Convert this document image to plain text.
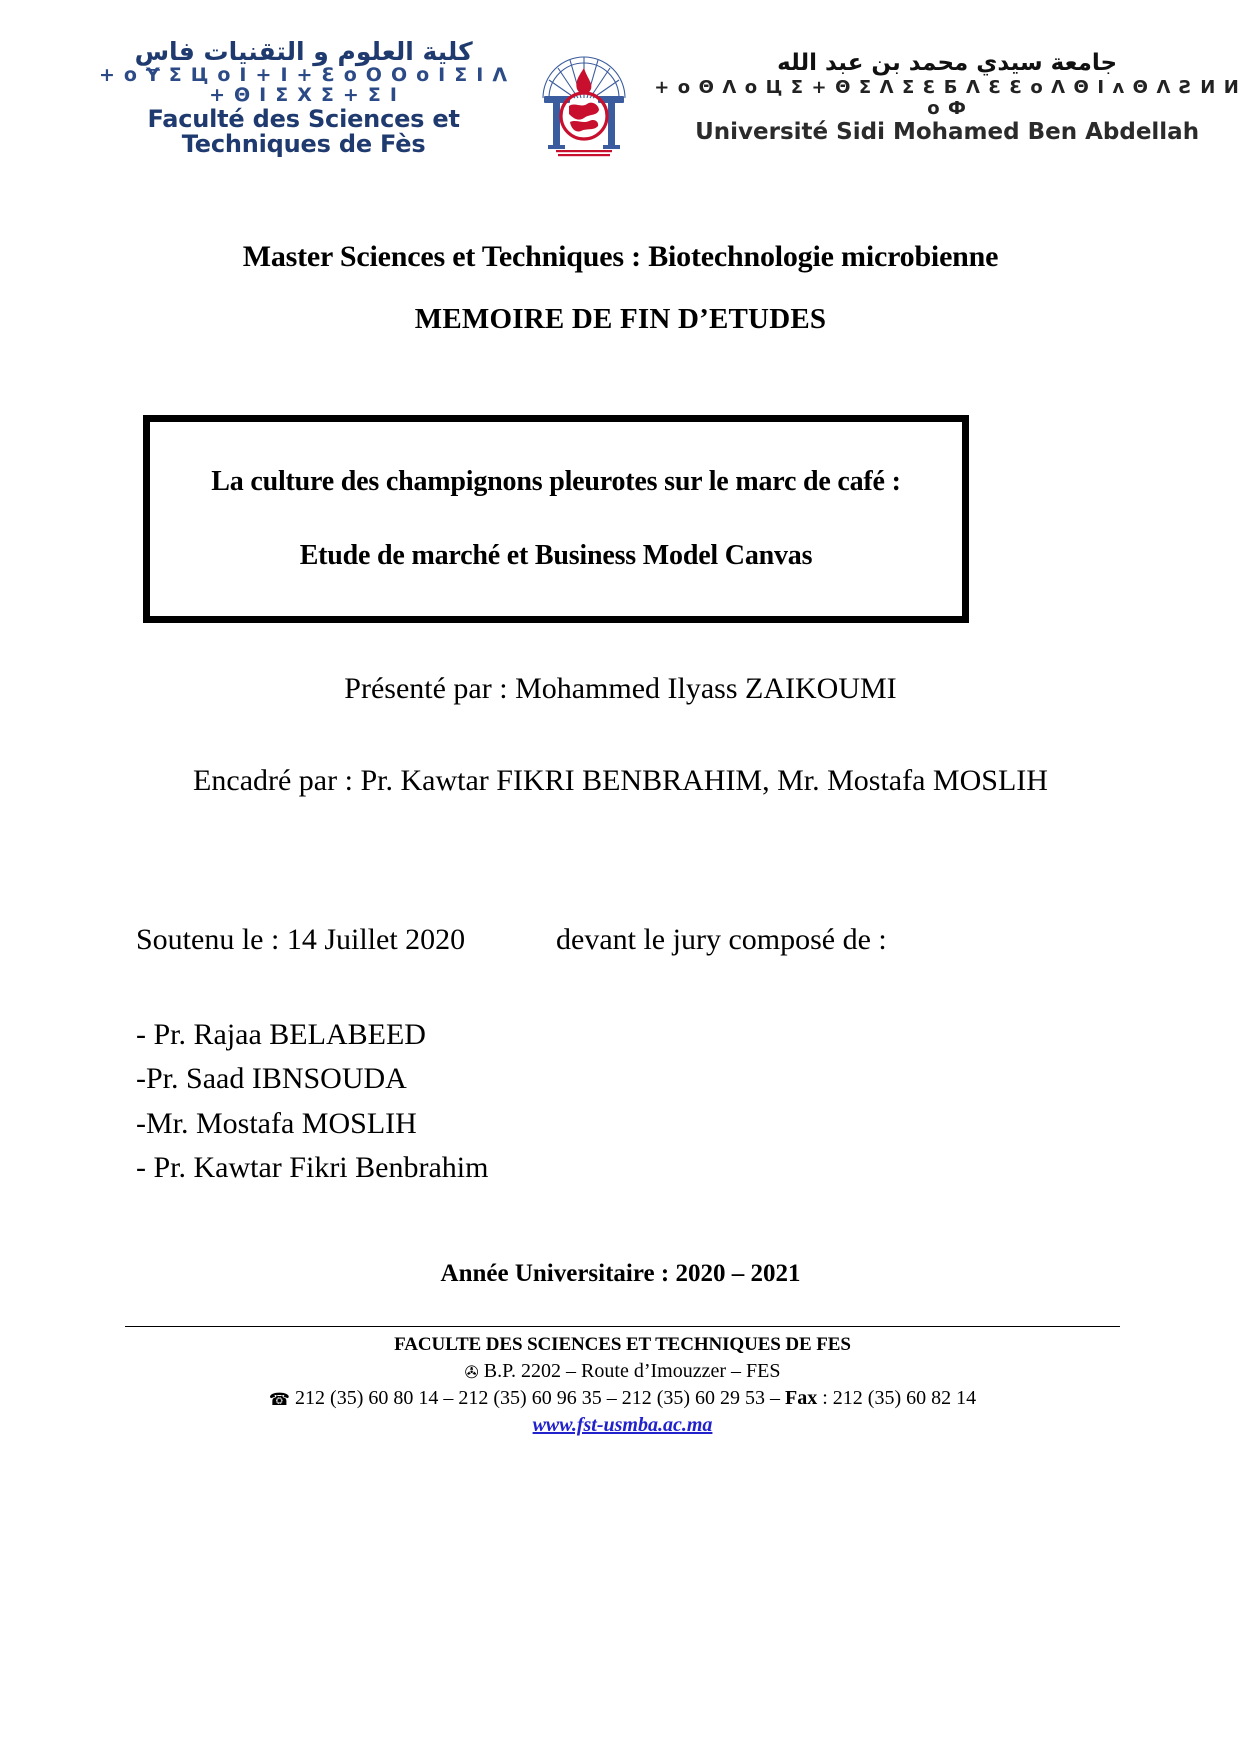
كلية العلوم و التقنيات فاس
+ o Ɏ Ʃ Ц o I + I + Ɛ o O O o I Ʃ I Λ + Θ I Ʃ X Ʃ + Ʃ I
Faculté des Sciences et Techniques de Fès
جامعة سيدي محمد بن عبد الله
+ o Θ Λ o Ц Ʃ + Θ Ʃ Λ Ʃ Ɛ Ƃ Λ Ɛ Ɛ o Λ Θ I ʌ Θ Λ Ƨ И И o Ф
Université Sidi Mohamed Ben Abdellah
Master Sciences et Techniques : Biotechnologie microbienne
MEMOIRE DE FIN D’ETUDES
La culture des champignons pleurotes sur le marc de café :
Etude de marché et Business Model Canvas
Présenté par : Mohammed Ilyass ZAIKOUMI
Encadré par : Pr. Kawtar FIKRI BENBRAHIM, Mr. Mostafa MOSLIH
Soutenu le : 14 Juillet 2020	devant le jury composé de :
- Pr. Rajaa BELABEED
-Pr. Saad IBNSOUDA
-Mr. Mostafa MOSLIH
- Pr. Kawtar Fikri Benbrahim
Année Universitaire : 2020 – 2021
FACULTE DES SCIENCES ET TECHNIQUES DE FES
✇ B.P. 2202 – Route d’Imouzzer – FES
☎ 212 (35) 60 80 14 – 212 (35) 60 96 35 – 212 (35) 60 29 53 – Fax : 212 (35) 60 82 14
www.fst-usmba.ac.ma
